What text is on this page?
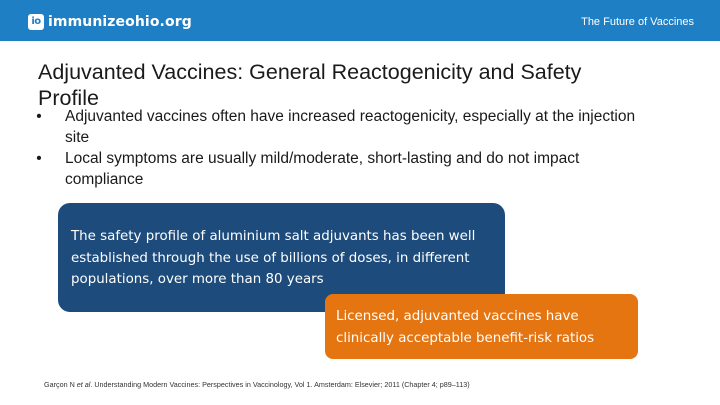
io immunizeohio.org	The Future of Vaccines
Adjuvanted Vaccines: General Reactogenicity and Safety Profile
• Adjuvanted vaccines often have increased reactogenicity, especially at the injection site
• Local symptoms are usually mild/moderate, short-lasting and do not impact compliance

The safety profile of aluminium salt adjuvants has been well established through the use of billions of doses, in different populations, over more than 80 years

Licensed, adjuvanted vaccines have clinically acceptable benefit-risk ratios

Garçon N et al. Understanding Modern Vaccines: Perspectives in Vaccinology, Vol 1. Amsterdam: Elsevier; 2011 (Chapter 4; p89–113)
